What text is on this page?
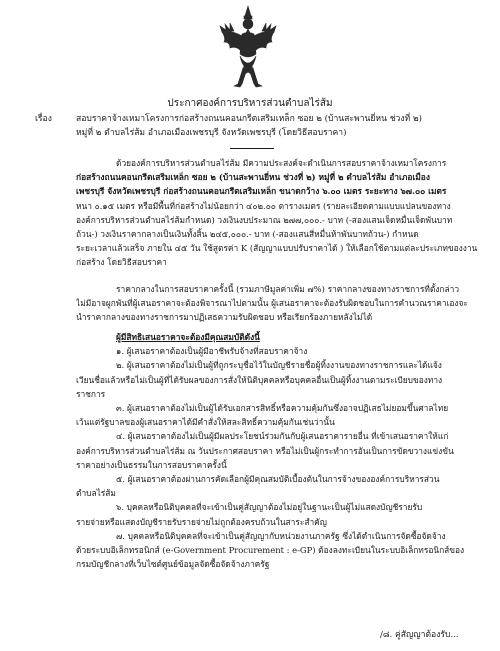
ประกาศองค์การบริหารส่วนตำบลไร่ส้ม
เรื่อง	สอบราคาจ้างเหมาโครงการก่อสร้างถนนคอนกรีตเสริมเหล็ก ซอย ๒ (บ้านสะพานยี่หน ช่วงที่ ๒)
หมู่ที่ ๒ ตำบลไร่ส้ม อำเภอเมืองเพชรบุรี จังหวัดเพชรบุรี (โดยวิธีสอบราคา)
ด้วยองค์การบริหารส่วนตำบลไร่ส้ม มีความประสงค์จะดำเนินการสอบราคาจ้างเหมาโครงการ
ก่อสร้างถนนคอนกรีตเสริมเหล็ก ซอย ๒ (บ้านสะพานยี่หน ช่วงที่ ๒) หมู่ที่ ๒ ตำบลไร่ส้ม อำเภอเมือง
เพชรบุรี จังหวัดเพชรบุรี ก่อสร้างถนนคอนกรีตเสริมเหล็ก ขนาดกว้าง ๖.๐๐ เมตร ระยะทาง ๖๗.๐๐ เมตร
หนา ๐.๑๕ เมตร หรือมีพื้นที่ก่อสร้างไม่น้อยกว่า ๔๐๒.๐๐ ตารางเมตร (รายละเอียดตามแบบแปลนของทาง
องค์การบริหารส่วนตำบลไร่ส้มกำหนด) วงเงินงบประมาณ ๒๗๗,๐๐๐.- บาท (-สองแสนเจ็ดหมื่นเจ็ดพันบาท
ถ้วน-) วงเงินราคากลางเป็นเงินทั้งสิ้น ๒๔๕,๐๐๐.- บาท (-สองแสนสี่หมื่นห้าพันบาทถ้วน-) กำหนด
ระยะเวลาแล้วเสร็จ ภายใน ๔๕ วัน ใช้สูตรค่า K (สัญญาแบบปรับราคาได้ ) ให้เลือกใช้ตามแต่ละประเภทของงาน
ก่อสร้าง โดยวิธีสอบราคา
ราคากลางในการสอบราคาครั้งนี้ (รวมภาษีมูลค่าเพิ่ม ๗%) ราคากลางของทางราชการที่ตั้งกล่าว
ไม่มีอาจผูกพันที่ผู้เสนอราคาจะต้องพิจารณาไปตามนั้น ผู้เสนอราคาจะต้องรับผิดชอบในการคำนวณราคาเองจะ
นำราคากลางของทางราชการมาปฏิเสธความรับผิดชอบ หรือเรียกร้องภายหลังไม่ได้
ผู้มีสิทธิเสนอราคาจะต้องมีคุณสมบัติดังนี้
๑. ผู้เสนอราคาต้องเป็นผู้มีอาชีพรับจ้างที่สอบราคาจ้าง
๒. ผู้เสนอราคาต้องไม่เป็นผู้ที่ถูกระบุชื่อไว้ในบัญชีรายชื่อผู้ทิ้งงานของทางราชการและได้แจ้ง
เวียนชื่อแล้วหรือไม่เป็นผู้ที่ได้รับผลของการสั่งให้นิติบุคคลหรือบุคคลอื่นเป็นผู้ทิ้งงานตามระเบียบของทาง
ราชการ
๓. ผู้เสนอราคาต้องไม่เป็นผู้ได้รับเอกสารสิทธิ์หรือความคุ้มกันซึ่งอาจปฏิเสธไม่ยอมขึ้นศาลไทย
เว้นแต่รัฐบาลของผู้เสนอราคาได้มีคำสั่งให้สละสิทธิ์ความคุ้มกันเช่นว่านั้น
๔. ผู้เสนอราคาต้องไม่เป็นผู้มีผลประโยชน์ร่วมกันกับผู้เสนอราคารายอื่น ที่เข้าเสนอราคาให้แก่
องค์การบริหารส่วนตำบลไร่ส้ม ณ วันประกาศสอบราคา หรือไม่เป็นผู้กระทำการอันเป็นการขัดขวางแข่งขัน
ราคาอย่างเป็นธรรมในการสอบราคาครั้งนี้
๕. ผู้เสนอราคาต้องผ่านการคัดเลือกผู้มีคุณสมบัติเบื้องต้นในการจ้างขององค์การบริหารส่วน
ตำบลไร่ส้ม
๖. บุคคลหรือนิติบุคคลที่จะเข้าเป็นคู่สัญญาต้องไม่อยู่ในฐานะเป็นผู้ไม่แสดงบัญชีรายรับ
รายจ่ายหรือแสดงบัญชีรายรับรายจ่ายไม่ถูกต้องครบถ้วนในสาระสำคัญ
๗. บุคคลหรือนิติบุคคลที่จะเข้าเป็นคู่สัญญากับหน่วยงานภาครัฐ ซึ่งได้ดำเนินการจัดซื้อจัดจ้าง
ด้วยระบบอิเล็กทรอนิกส์ (e-Government Procurement : e-GP) ต้องลงทะเบียนในระบบอิเล็กทรอนิกส์ของ
กรมบัญชีกลางที่เว็บไซต์ศูนย์ข้อมูลจัดซื้อจัดจ้างภาครัฐ
/๘. คู่สัญญาต้องรับ...
